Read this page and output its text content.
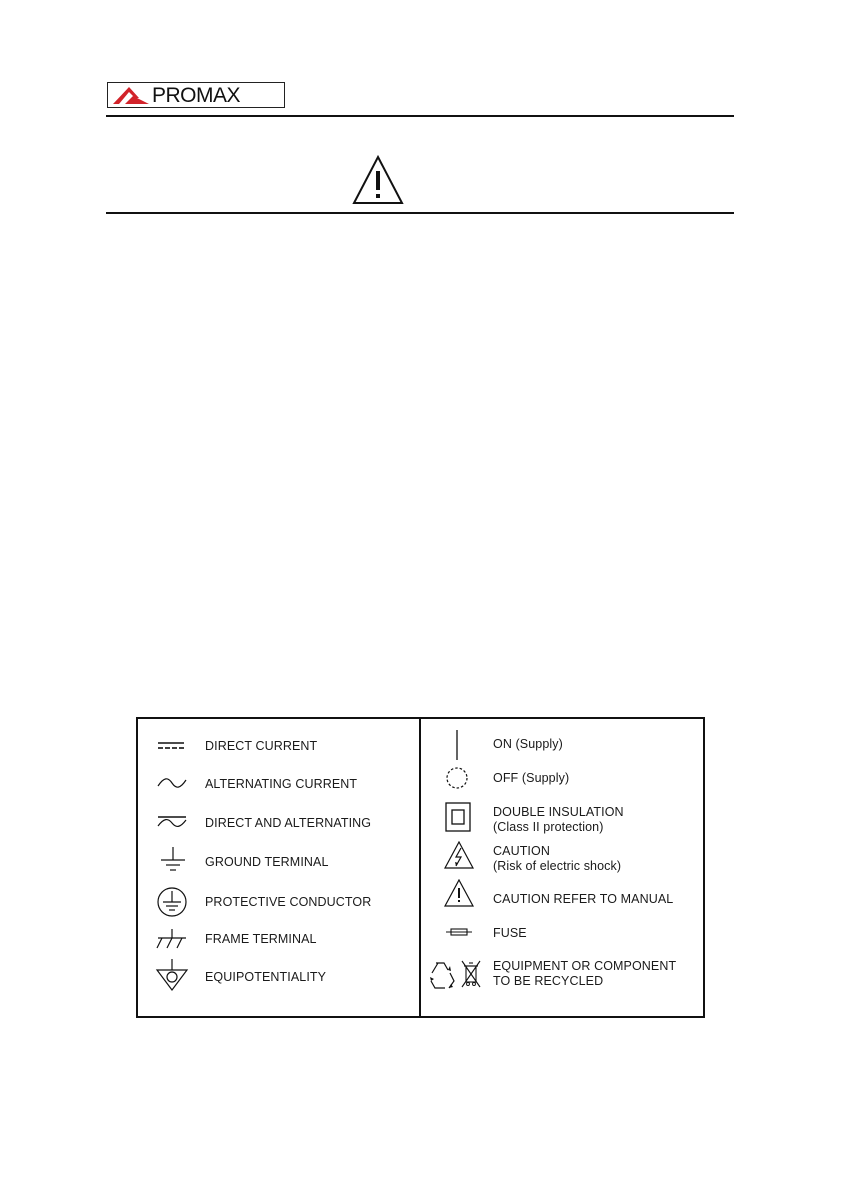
PROMAX
DIRECT CURRENT
ALTERNATING CURRENT
DIRECT AND ALTERNATING
GROUND TERMINAL
PROTECTIVE CONDUCTOR
FRAME TERMINAL
EQUIPOTENTIALITY
ON (Supply)
OFF (Supply)
DOUBLE INSULATION
(Class II protection)
CAUTION
(Risk of electric shock)
CAUTION REFER TO MANUAL
FUSE
EQUIPMENT OR COMPONENT
TO BE RECYCLED
